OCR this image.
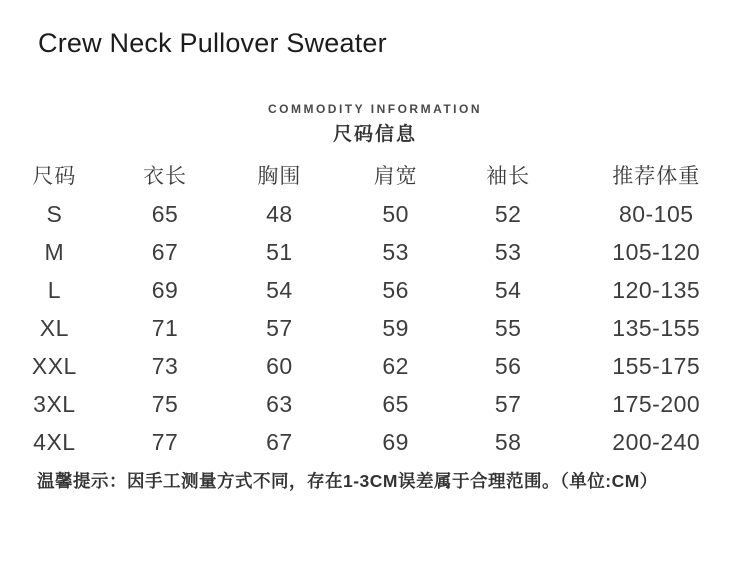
Crew Neck Pullover Sweater
COMMODITY INFORMATION
尺码信息
尺码	衣长	胸围	肩宽	袖长	推荐体重
S	65	48	50	52	80-105
M	67	51	53	53	105-120
L	69	54	56	54	120-135
XL	71	57	59	55	135-155
XXL	73	60	62	56	155-175
3XL	75	63	65	57	175-200
4XL	77	67	69	58	200-240

温馨提示：因手工测量方式不同，存在1-3CM误差属于合理范围。（单位:CM）
